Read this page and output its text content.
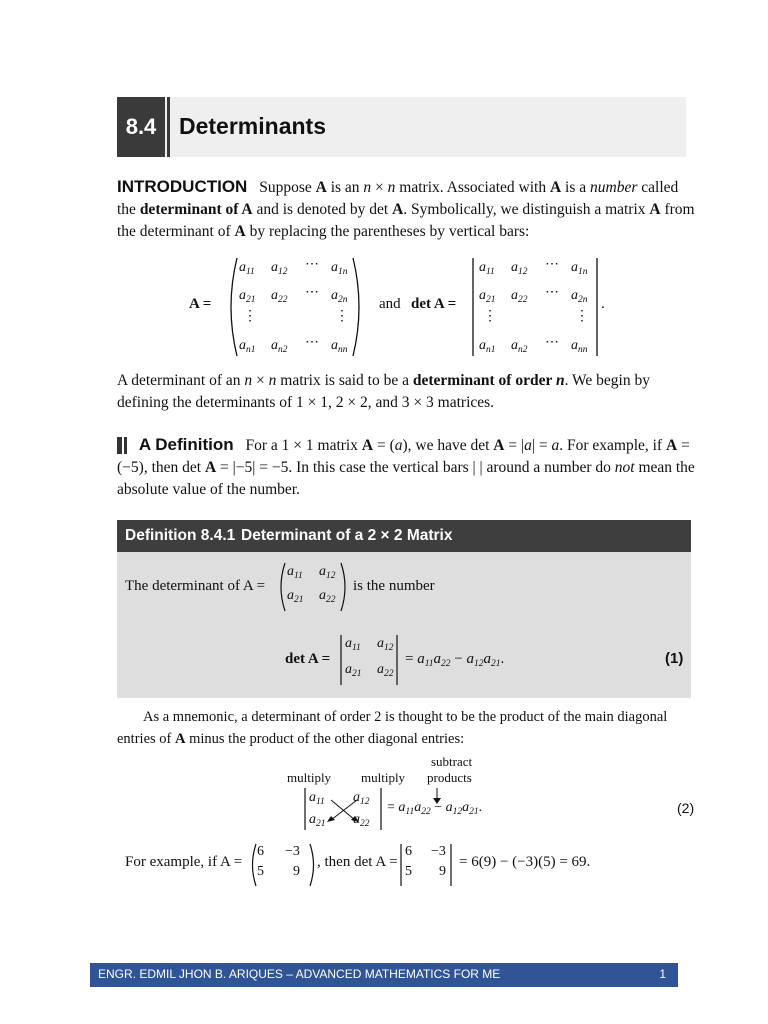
8.4 Determinants
INTRODUCTION Suppose A is an n × n matrix. Associated with A is a number called the determinant of A and is denoted by det A. Symbolically, we distinguish a matrix A from the determinant of A by replacing the parentheses by vertical bars:
A =
$a_{11}$ $a_{12}$ ⋯ $a_{1n}$
$a_{21}$ $a_{22}$ ⋯ $a_{2n}$
⋮	⋮
$a_{n1}$ $a_{n2}$ ⋯ $a_{nn}$
and det A =
$a_{11}$ $a_{12}$ ⋯ $a_{1n}$
$a_{21}$ $a_{22}$ ⋯ $a_{2n}$
⋮	⋮
$a_{n1}$ $a_{n2}$ ⋯ $a_{nn}$
.
A determinant of an n × n matrix is said to be a determinant of order n. We begin by defining the determinants of 1 × 1, 2 × 2, and 3 × 3 matrices.
A Definition For a 1 × 1 matrix A = (a), we have det A = |a| = a. For example, if A = (−5), then det A = |−5| = −5. In this case the vertical bars | | around a number do not mean the absolute value of the number.
Definition 8.4.1 Determinant of a 2 × 2 Matrix
The determinant of A =
$a_{11}$ $a_{12}$
$a_{21}$ $a_{22}$
is the number
det A =
$a_{11}$ $a_{12}$
$a_{21}$ $a_{22}$
= $a_{11}a_{22} - a_{12}a_{21}$.	(1)
As a mnemonic, a determinant of order 2 is thought to be the product of the main diagonal entries of A minus the product of the other diagonal entries:
multiply multiply
subtract
products
$a_{11}$ $a_{12}$
$a_{21}$ $a_{22}$
= $a_{11}a_{22} - a_{12}a_{21}$.	(2)
For example, if A =
6 −3
5 9
, then det A =
6 −3
5 9
= 6(9) − (−3)(5) = 69.
ENGR. EDMIL JHON B. ARIQUES – ADVANCED MATHEMATICS FOR ME	1
